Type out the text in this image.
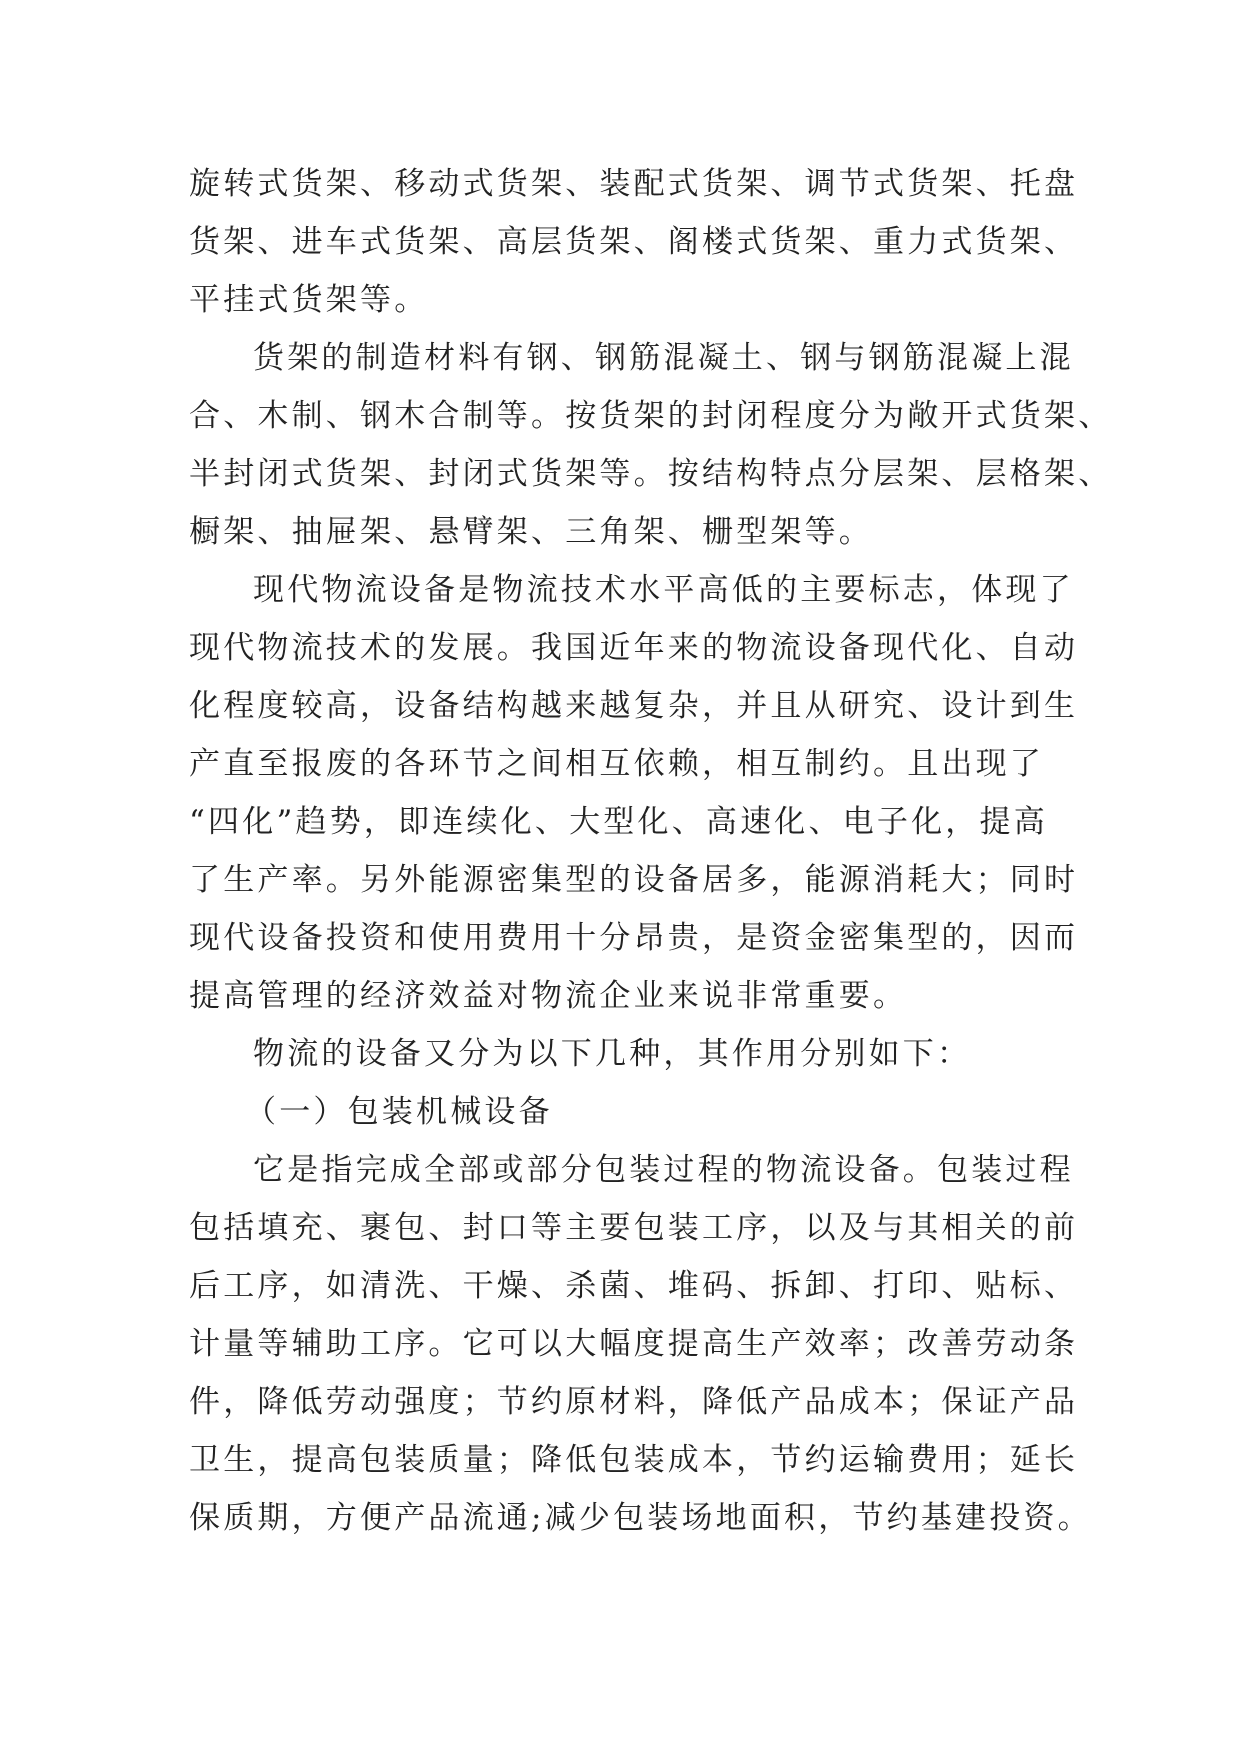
旋转式货架、移动式货架、装配式货架、调节式货架、托盘
货架、进车式货架、高层货架、阁楼式货架、重力式货架、
平挂式货架等。
货架的制造材料有钢、钢筋混凝土、钢与钢筋混凝上混
合、木制、钢木合制等。按货架的封闭程度分为敞开式货架、
半封闭式货架、封闭式货架等。按结构特点分层架、层格架、
橱架、抽屉架、悬臂架、三角架、栅型架等。
现代物流设备是物流技术水平高低的主要标志，体现了
现代物流技术的发展。我国近年来的物流设备现代化、自动
化程度较高，设备结构越来越复杂，并且从研究、设计到生
产直至报废的各环节之间相互依赖，相互制约。且出现了
“四化”趋势，即连续化、大型化、高速化、电子化，提高
了生产率。另外能源密集型的设备居多，能源消耗大；同时
现代设备投资和使用费用十分昂贵，是资金密集型的，因而
提高管理的经济效益对物流企业来说非常重要。
物流的设备又分为以下几种，其作用分别如下：
（一）包装机械设备
它是指完成全部或部分包装过程的物流设备。包装过程
包括填充、裹包、封口等主要包装工序，以及与其相关的前
后工序，如清洗、干燥、杀菌、堆码、拆卸、打印、贴标、
计量等辅助工序。它可以大幅度提高生产效率；改善劳动条
件，降低劳动强度；节约原材料，降低产品成本；保证产品
卫生，提高包装质量；降低包装成本，节约运输费用；延长
保质期，方便产品流通;减少包装场地面积，节约基建投资。
